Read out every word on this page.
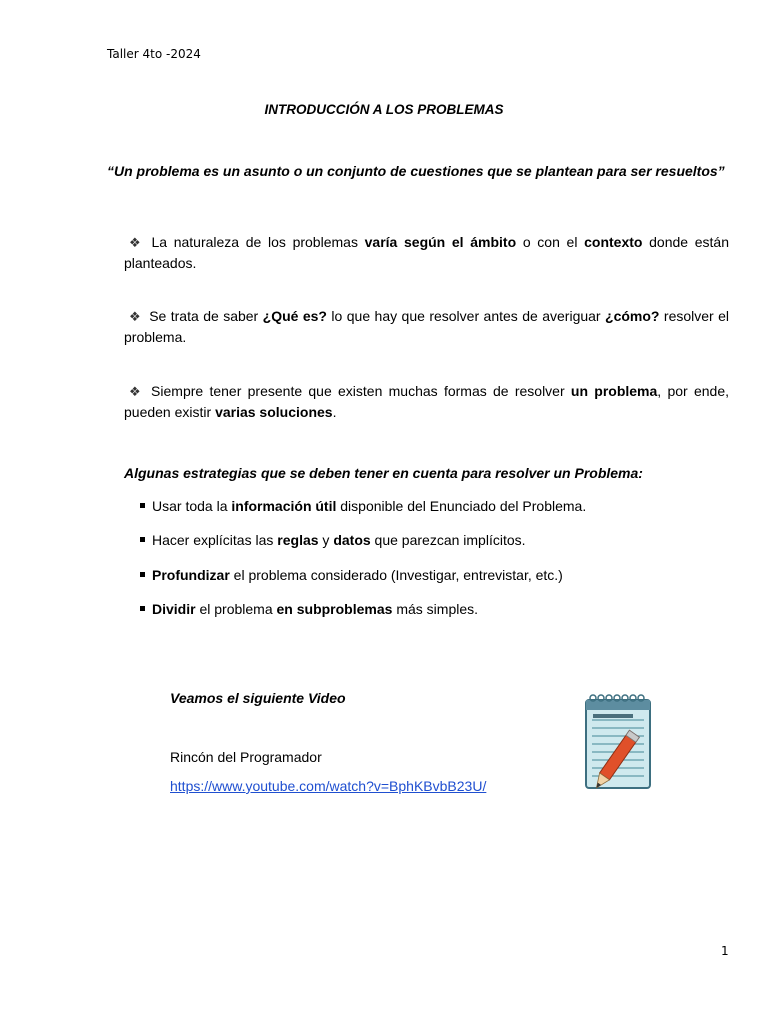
Taller 4to -2024
INTRODUCCIÓN A LOS PROBLEMAS
“Un problema es un asunto o un conjunto de cuestiones que se plantean para ser resueltos”
❖ La naturaleza de los problemas varía según el ámbito o con el contexto donde están planteados.
❖ Se trata de saber ¿Qué es? lo que hay que resolver antes de averiguar ¿cómo? resolver el problema.
❖ Siempre tener presente que existen muchas formas de resolver un problema, por ende, pueden existir varias soluciones.
Algunas estrategias que se deben tener en cuenta para resolver un Problema:
Usar toda la información útil disponible del Enunciado del Problema.
Hacer explícitas las reglas y datos que parezcan implícitos.
Profundizar el problema considerado (Investigar, entrevistar, etc.)
Dividir el problema en subproblemas más simples.
Veamos el siguiente Video
Rincón del Programador
https://www.youtube.com/watch?v=BphKBvbB23U/
1
